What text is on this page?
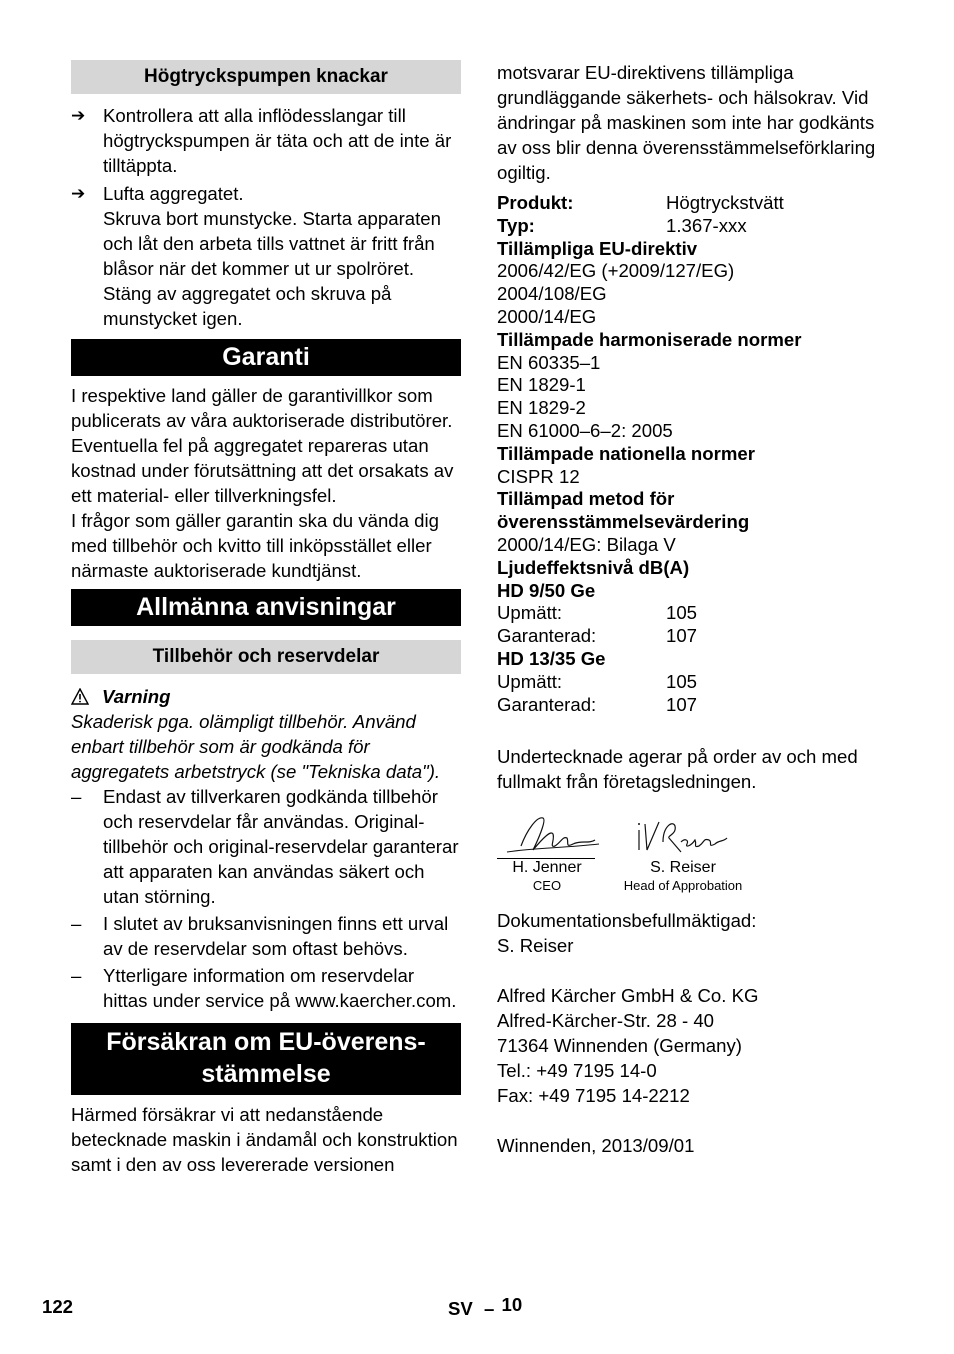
Högtryckspumpen knackar
➔ Kontrollera att alla inflödesslangar till högtryckspumpen är täta och att de inte är tilltäppta.
➔ Lufta aggregatet.
Skruva bort munstycke. Starta apparaten och låt den arbeta tills vattnet är fritt från blåsor när det kommer ut ur spolröret. Stäng av aggregatet och skruva på munstycket igen.
Garanti

I respektive land gäller de garantivillkor som publicerats av våra auktoriserade distributörer. Eventuella fel på aggregatet repareras utan kostnad under förutsättning att det orsakats av ett material- eller tillverkningsfel.

I frågor som gäller garantin ska du vända dig med tillbehör och kvitto till inköpsstället eller närmaste auktoriserade kundtjänst.

Allmänna anvisningar
Tillbehör och reservdelar
Varning

Skaderisk pga. olämpligt tillbehör. Använd enbart tillbehör som är godkända för aggregatets arbetstryck (se "Tekniska data").

–	Endast av tillverkaren godkända tillbehör och reservdelar får användas. Original-tillbehör och original-reservdelar garanterar att apparaten kan användas säkert och utan störning.
–	I slutet av bruksanvisningen finns ett urval av de reservdelar som oftast behövs.
–	Ytterligare information om reservdelar hittas under service på www.kaercher.com.
Försäkran om EU-överens-stämmelse

Härmed försäkrar vi att nedanstående betecknade maskin i ändamål och konstruktion samt i den av oss levererade versionen

motsvarar EU-direktivens tillämpliga grundläggande säkerhets- och hälsokrav. Vid ändringar på maskinen som inte har godkänts av oss blir denna överensstämmelseförklaring ogiltig.

Produkt:	Högtryckstvätt
Typ:	1.367-xxx
Tillämpliga EU-direktiv
2006/42/EG (+2009/127/EG)
2004/108/EG
2000/14/EG
Tillämpade harmoniserade normer
EN 60335–1
EN 1829-1
EN 1829-2
EN 61000–6–2: 2005
Tillämpade nationella normer
CISPR 12
Tillämpad metod för överensstämmelsevärdering
2000/14/EG: Bilaga V
Ljudeffektsnivå dB(A)
HD 9/50 Ge
Upmätt:	105
Garanterad:	107
HD 13/35 Ge
Upmätt:	105
Garanterad:	107

Undertecknade agerar på order av och med fullmakt från företagsledningen.

H. Jenner
CEO
S. Reiser
Head of Approbation

Dokumentationsbefullmäktigad:

S. Reiser

Alfred Kärcher GmbH & Co. KG

Alfred-Kärcher-Str. 28 - 40

71364 Winnenden (Germany)

Tel.: +49 7195 14-0

Fax: +49 7195 14-2212

Winnenden, 2013/09/01

122	SV – 10
